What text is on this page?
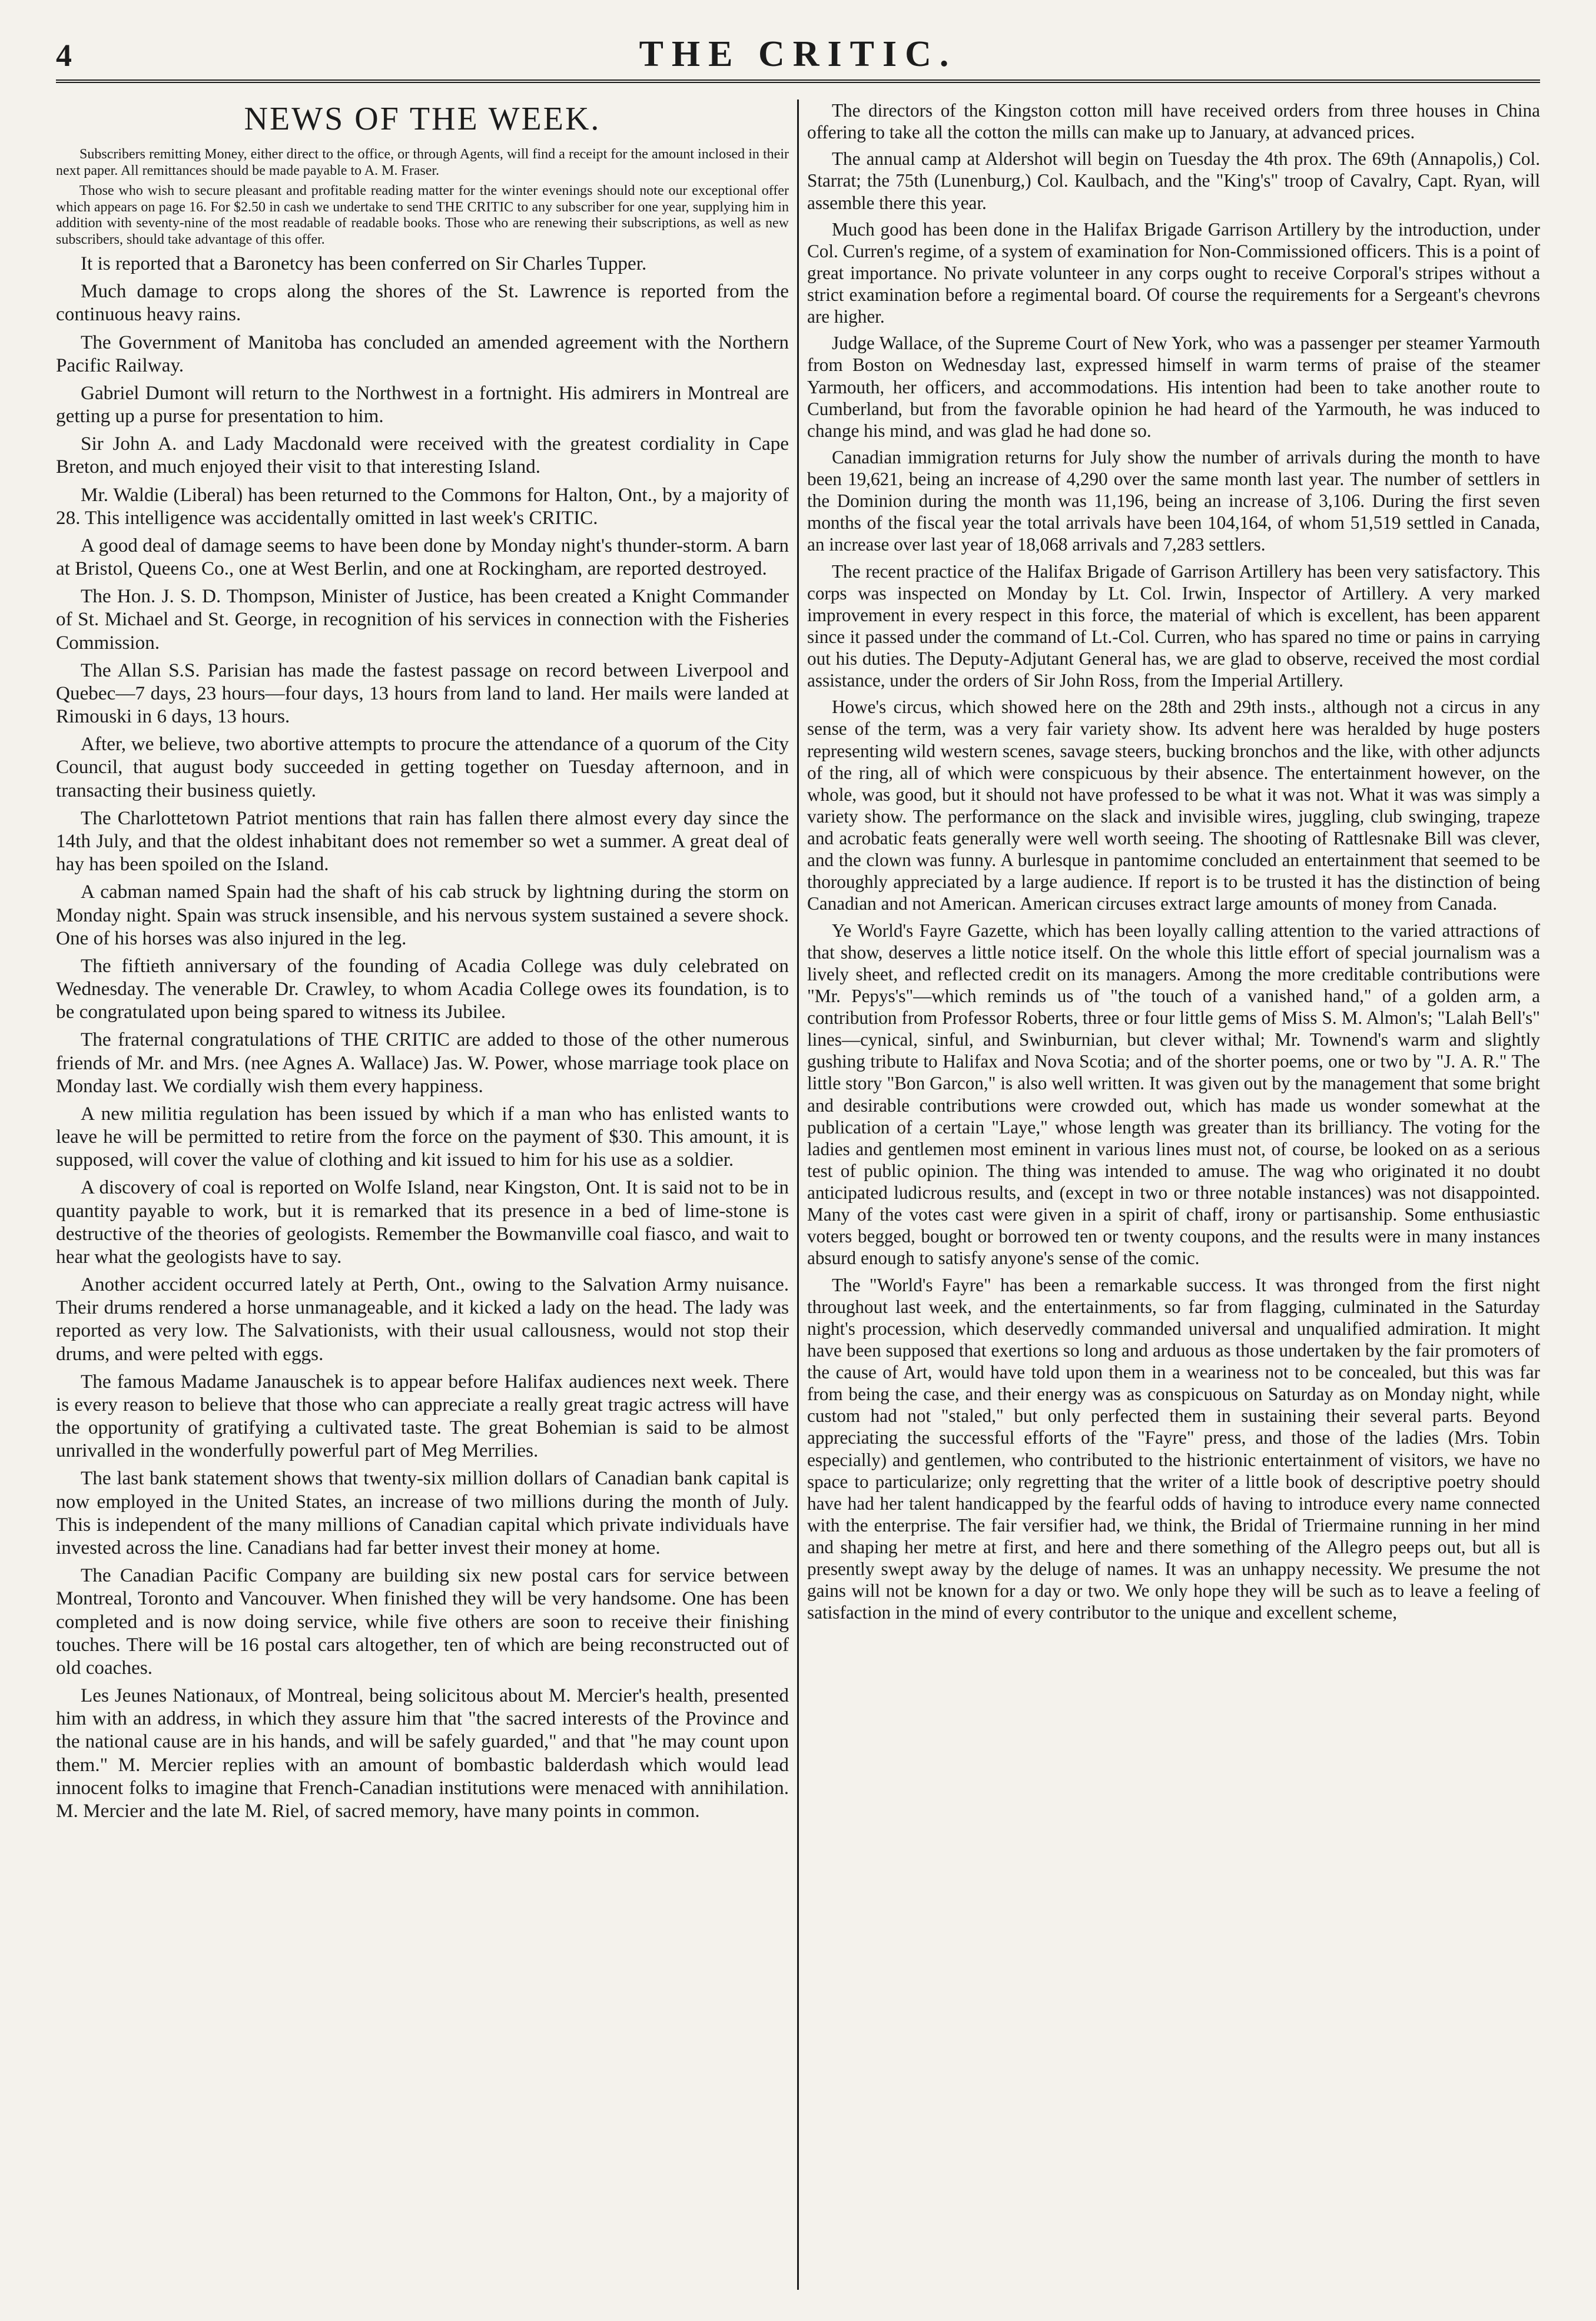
4	THE CRITIC.
NEWS OF THE WEEK.

Subscribers remitting Money, either direct to the office, or through Agents, will find a receipt for the amount inclosed in their next paper. All remittances should be made payable to A. M. Fraser.

Those who wish to secure pleasant and profitable reading matter for the winter evenings should note our exceptional offer which appears on page 16. For $2.50 in cash we undertake to send THE CRITIC to any subscriber for one year, supplying him in addition with seventy-nine of the most readable of readable books. Those who are renewing their subscriptions, as well as new subscribers, should take advantage of this offer.

It is reported that a Baronetcy has been conferred on Sir Charles Tupper.

Much damage to crops along the shores of the St. Lawrence is reported from the continuous heavy rains.

The Government of Manitoba has concluded an amended agreement with the Northern Pacific Railway.

Gabriel Dumont will return to the Northwest in a fortnight. His admirers in Montreal are getting up a purse for presentation to him.

Sir John A. and Lady Macdonald were received with the greatest cordiality in Cape Breton, and much enjoyed their visit to that interesting Island.

Mr. Waldie (Liberal) has been returned to the Commons for Halton, Ont., by a majority of 28. This intelligence was accidentally omitted in last week's CRITIC.

A good deal of damage seems to have been done by Monday night's thunder-storm. A barn at Bristol, Queens Co., one at West Berlin, and one at Rockingham, are reported destroyed.

The Hon. J. S. D. Thompson, Minister of Justice, has been created a Knight Commander of St. Michael and St. George, in recognition of his services in connection with the Fisheries Commission.

The Allan S.S. Parisian has made the fastest passage on record between Liverpool and Quebec—7 days, 23 hours—four days, 13 hours from land to land. Her mails were landed at Rimouski in 6 days, 13 hours.

After, we believe, two abortive attempts to procure the attendance of a quorum of the City Council, that august body succeeded in getting together on Tuesday afternoon, and in transacting their business quietly.

The Charlottetown Patriot mentions that rain has fallen there almost every day since the 14th July, and that the oldest inhabitant does not remember so wet a summer. A great deal of hay has been spoiled on the Island.

A cabman named Spain had the shaft of his cab struck by lightning during the storm on Monday night. Spain was struck insensible, and his nervous system sustained a severe shock. One of his horses was also injured in the leg.

The fiftieth anniversary of the founding of Acadia College was duly celebrated on Wednesday. The venerable Dr. Crawley, to whom Acadia College owes its foundation, is to be congratulated upon being spared to witness its Jubilee.

The fraternal congratulations of THE CRITIC are added to those of the other numerous friends of Mr. and Mrs. (nee Agnes A. Wallace) Jas. W. Power, whose marriage took place on Monday last. We cordially wish them every happiness.

A new militia regulation has been issued by which if a man who has enlisted wants to leave he will be permitted to retire from the force on the payment of $30. This amount, it is supposed, will cover the value of clothing and kit issued to him for his use as a soldier.

A discovery of coal is reported on Wolfe Island, near Kingston, Ont. It is said not to be in quantity payable to work, but it is remarked that its presence in a bed of lime-stone is destructive of the theories of geologists. Remember the Bowmanville coal fiasco, and wait to hear what the geologists have to say.

Another accident occurred lately at Perth, Ont., owing to the Salvation Army nuisance. Their drums rendered a horse unmanageable, and it kicked a lady on the head. The lady was reported as very low. The Salvationists, with their usual callousness, would not stop their drums, and were pelted with eggs.

The famous Madame Janauschek is to appear before Halifax audiences next week. There is every reason to believe that those who can appreciate a really great tragic actress will have the opportunity of gratifying a cultivated taste. The great Bohemian is said to be almost unrivalled in the wonderfully powerful part of Meg Merrilies.

The last bank statement shows that twenty-six million dollars of Canadian bank capital is now employed in the United States, an increase of two millions during the month of July. This is independent of the many millions of Canadian capital which private individuals have invested across the line. Canadians had far better invest their money at home.

The Canadian Pacific Company are building six new postal cars for service between Montreal, Toronto and Vancouver. When finished they will be very handsome. One has been completed and is now doing service, while five others are soon to receive their finishing touches. There will be 16 postal cars altogether, ten of which are being reconstructed out of old coaches.

Les Jeunes Nationaux, of Montreal, being solicitous about M. Mercier's health, presented him with an address, in which they assure him that "the sacred interests of the Province and the national cause are in his hands, and will be safely guarded," and that "he may count upon them." M. Mercier replies with an amount of bombastic balderdash which would lead innocent folks to imagine that French-Canadian institutions were menaced with annihilation. M. Mercier and the late M. Riel, of sacred memory, have many points in common.

The directors of the Kingston cotton mill have received orders from three houses in China offering to take all the cotton the mills can make up to January, at advanced prices.

The annual camp at Aldershot will begin on Tuesday the 4th prox. The 69th (Annapolis,) Col. Starrat; the 75th (Lunenburg,) Col. Kaulbach, and the "King's" troop of Cavalry, Capt. Ryan, will assemble there this year.

Much good has been done in the Halifax Brigade Garrison Artillery by the introduction, under Col. Curren's regime, of a system of examination for Non-Commissioned officers. This is a point of great importance. No private volunteer in any corps ought to receive Corporal's stripes without a strict examination before a regimental board. Of course the requirements for a Sergeant's chevrons are higher.

Judge Wallace, of the Supreme Court of New York, who was a passenger per steamer Yarmouth from Boston on Wednesday last, expressed himself in warm terms of praise of the steamer Yarmouth, her officers, and accommodations. His intention had been to take another route to Cumberland, but from the favorable opinion he had heard of the Yarmouth, he was induced to change his mind, and was glad he had done so.

Canadian immigration returns for July show the number of arrivals during the month to have been 19,621, being an increase of 4,290 over the same month last year. The number of settlers in the Dominion during the month was 11,196, being an increase of 3,106. During the first seven months of the fiscal year the total arrivals have been 104,164, of whom 51,519 settled in Canada, an increase over last year of 18,068 arrivals and 7,283 settlers.

The recent practice of the Halifax Brigade of Garrison Artillery has been very satisfactory. This corps was inspected on Monday by Lt. Col. Irwin, Inspector of Artillery. A very marked improvement in every respect in this force, the material of which is excellent, has been apparent since it passed under the command of Lt.-Col. Curren, who has spared no time or pains in carrying out his duties. The Deputy-Adjutant General has, we are glad to observe, received the most cordial assistance, under the orders of Sir John Ross, from the Imperial Artillery.

Howe's circus, which showed here on the 28th and 29th insts., although not a circus in any sense of the term, was a very fair variety show. Its advent here was heralded by huge posters representing wild western scenes, savage steers, bucking bronchos and the like, with other adjuncts of the ring, all of which were conspicuous by their absence. The entertainment however, on the whole, was good, but it should not have professed to be what it was not. What it was was simply a variety show. The performance on the slack and invisible wires, juggling, club swinging, trapeze and acrobatic feats generally were well worth seeing. The shooting of Rattlesnake Bill was clever, and the clown was funny. A burlesque in pantomime concluded an entertainment that seemed to be thoroughly appreciated by a large audience. If report is to be trusted it has the distinction of being Canadian and not American. American circuses extract large amounts of money from Canada.

Ye World's Fayre Gazette, which has been loyally calling attention to the varied attractions of that show, deserves a little notice itself. On the whole this little effort of special journalism was a lively sheet, and reflected credit on its managers. Among the more creditable contributions were "Mr. Pepys's"—which reminds us of "the touch of a vanished hand," of a golden arm, a contribution from Professor Roberts, three or four little gems of Miss S. M. Almon's; "Lalah Bell's" lines—cynical, sinful, and Swinburnian, but clever withal; Mr. Townend's warm and slightly gushing tribute to Halifax and Nova Scotia; and of the shorter poems, one or two by "J. A. R." The little story "Bon Garcon," is also well written. It was given out by the management that some bright and desirable contributions were crowded out, which has made us wonder somewhat at the publication of a certain "Laye," whose length was greater than its brilliancy. The voting for the ladies and gentlemen most eminent in various lines must not, of course, be looked on as a serious test of public opinion. The thing was intended to amuse. The wag who originated it no doubt anticipated ludicrous results, and (except in two or three notable instances) was not disappointed. Many of the votes cast were given in a spirit of chaff, irony or partisanship. Some enthusiastic voters begged, bought or borrowed ten or twenty coupons, and the results were in many instances absurd enough to satisfy anyone's sense of the comic.

The "World's Fayre" has been a remarkable success. It was thronged from the first night throughout last week, and the entertainments, so far from flagging, culminated in the Saturday night's procession, which deservedly commanded universal and unqualified admiration. It might have been supposed that exertions so long and arduous as those undertaken by the fair promoters of the cause of Art, would have told upon them in a weariness not to be concealed, but this was far from being the case, and their energy was as conspicuous on Saturday as on Monday night, while custom had not "staled," but only perfected them in sustaining their several parts. Beyond appreciating the successful efforts of the "Fayre" press, and those of the ladies (Mrs. Tobin especially) and gentlemen, who contributed to the histrionic entertainment of visitors, we have no space to particularize; only regretting that the writer of a little book of descriptive poetry should have had her talent handicapped by the fearful odds of having to introduce every name connected with the enterprise. The fair versifier had, we think, the Bridal of Triermaine running in her mind and shaping her metre at first, and here and there something of the Allegro peeps out, but all is presently swept away by the deluge of names. It was an unhappy necessity. We presume the not gains will not be known for a day or two. We only hope they will be such as to leave a feeling of satisfaction in the mind of every contributor to the unique and excellent scheme,
